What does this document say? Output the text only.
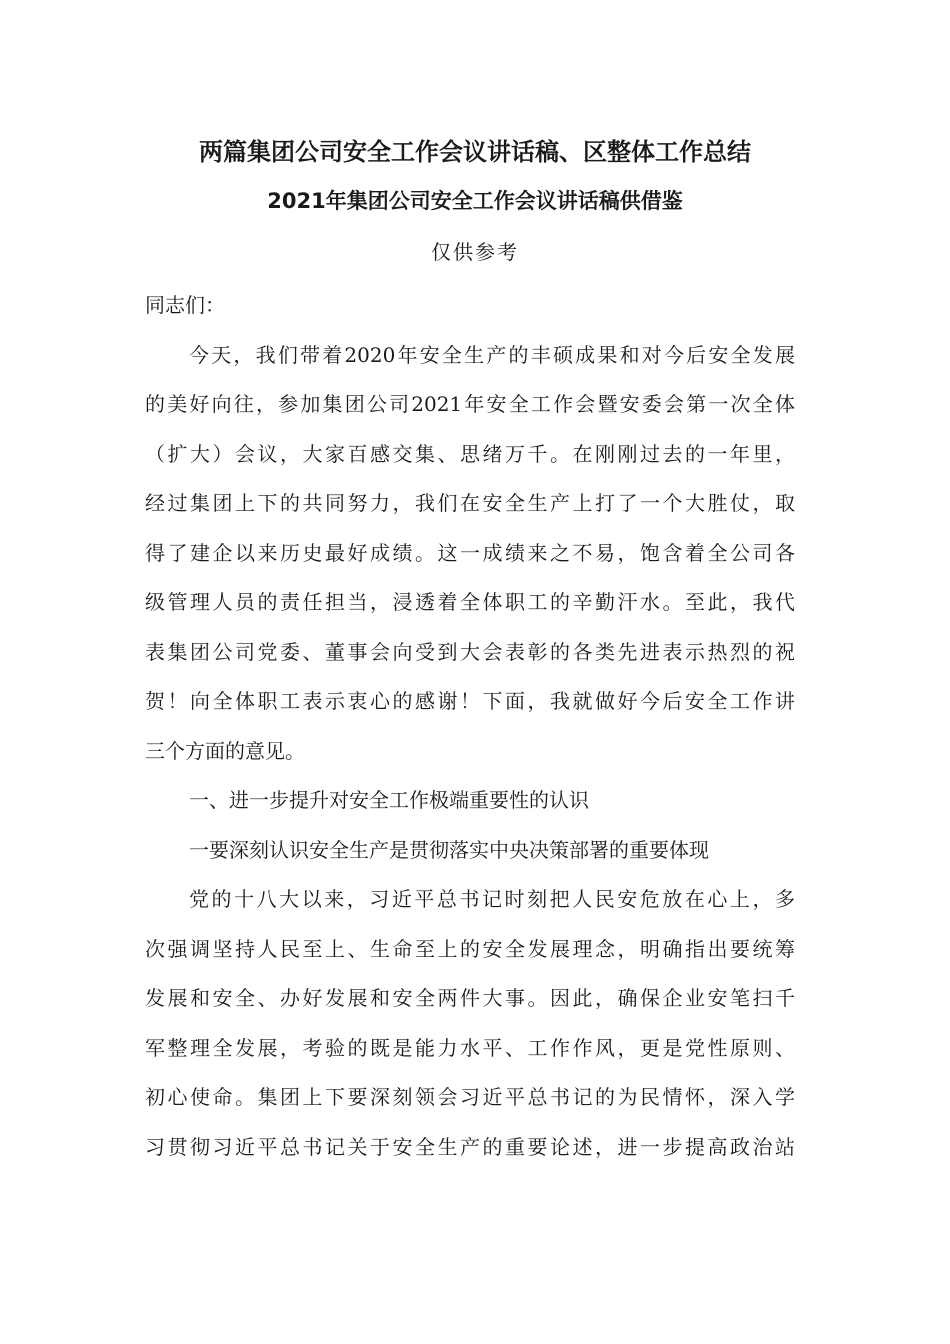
两篇集团公司安全工作会议讲话稿、区整体工作总结
2021年集团公司安全工作会议讲话稿供借鉴
仅供参考
同志们：
今天，我们带着2020年安全生产的丰硕成果和对今后安全发展
的美好向往，参加集团公司2021年安全工作会暨安委会第一次全体
（扩大）会议，大家百感交集、思绪万千。在刚刚过去的一年里，
经过集团上下的共同努力，我们在安全生产上打了一个大胜仗，取
得了建企以来历史最好成绩。这一成绩来之不易，饱含着全公司各
级管理人员的责任担当，浸透着全体职工的辛勤汗水。至此，我代
表集团公司党委、董事会向受到大会表彰的各类先进表示热烈的祝
贺！向全体职工表示衷心的感谢！下面，我就做好今后安全工作讲
三个方面的意见。
一、进一步提升对安全工作极端重要性的认识
一要深刻认识安全生产是贯彻落实中央决策部署的重要体现
党的十八大以来，习近平总书记时刻把人民安危放在心上，多
次强调坚持人民至上、生命至上的安全发展理念，明确指出要统筹
发展和安全、办好发展和安全两件大事。因此，确保企业安笔扫千
军整理全发展，考验的既是能力水平、工作作风，更是党性原则、
初心使命。集团上下要深刻领会习近平总书记的为民情怀，深入学
习贯彻习近平总书记关于安全生产的重要论述，进一步提高政治站
